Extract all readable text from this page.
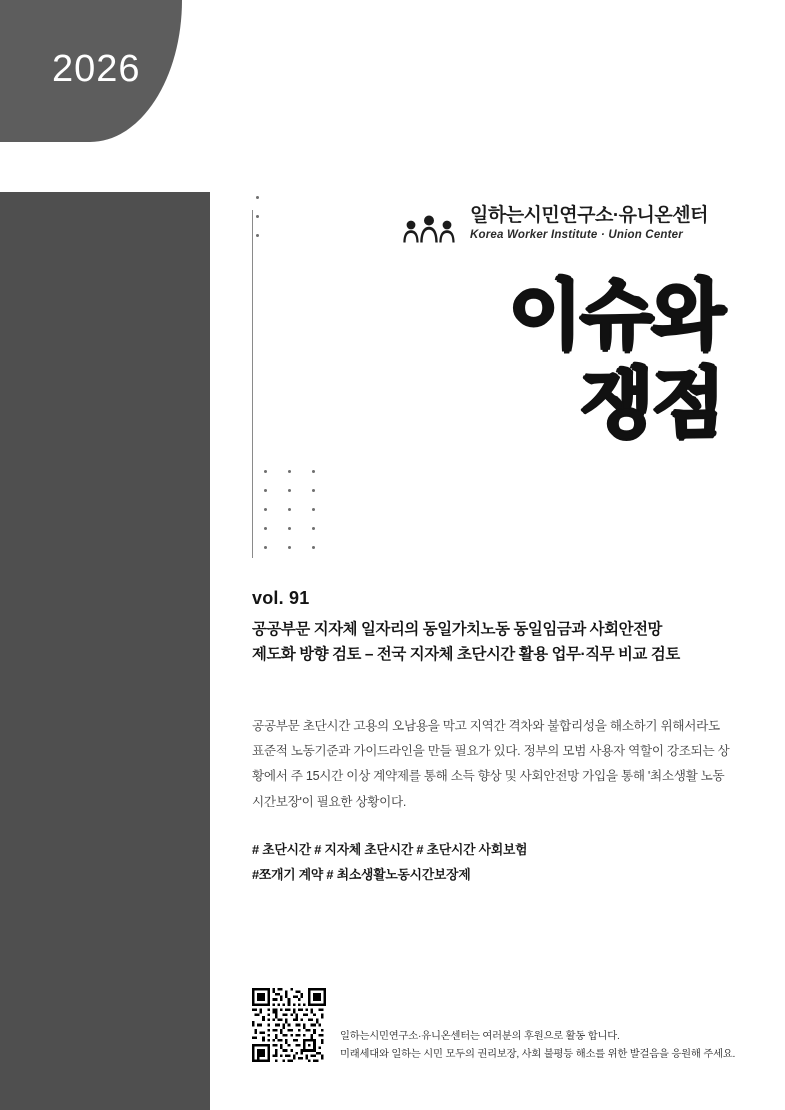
2026
일하는시민연구소·유니온센터
Korea Worker Institute · Union Center
이슈와
쟁점
vol. 91
공공부문 지자체 일자리의 동일가치노동 동일임금과 사회안전망
제도화 방향 검토 – 전국 지자체 초단시간 활용 업무·직무 비교 검토
공공부문 초단시간 고용의 오남용을 막고 지역간 격차와 불합리성을 해소하기 위해서라도 표준적 노동기준과 가이드라인을 만들 필요가 있다. 정부의 모범 사용자 역할이 강조되는 상황에서 주 15시간 이상 계약제를 통해 소득 향상 및 사회안전망 가입을 통해 '최소생활 노동시간보장'이 필요한 상황이다.
# 초단시간 # 지자체 초단시간 # 초단시간 사회보험
#쪼개기 계약 # 최소생활노동시간보장제
일하는시민연구소·유니온센터는 여러분의 후원으로 활동 합니다.
미래세대와 일하는 시민 모두의 권리보장, 사회 불평등 해소를 위한 발걸음을 응원해 주세요.
